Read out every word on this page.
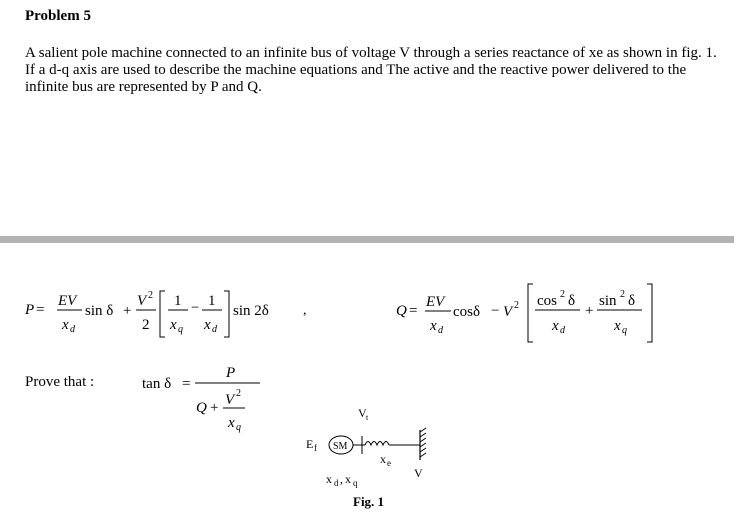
Problem 5

A salient pole machine connected to an infinite bus of voltage V through a series reactance of xe as shown in fig. 1. If a d-q axis are used to describe the machine equations and The active and the reactive power delivered to the infinite bus are represented by P and Q.

P =
EV
x d
sin δ +
V 2
2
1
x q
− 1
x d
sin 2δ ,	Q =
EV
x d
cosδ − V 2 cos 2 δ
x d
+
sin 2 δ
x q
Prove that :	tan δ =
P
Q + V 2
x q
V t
E f SM
x e
V
x d , x q
Fig. 1
